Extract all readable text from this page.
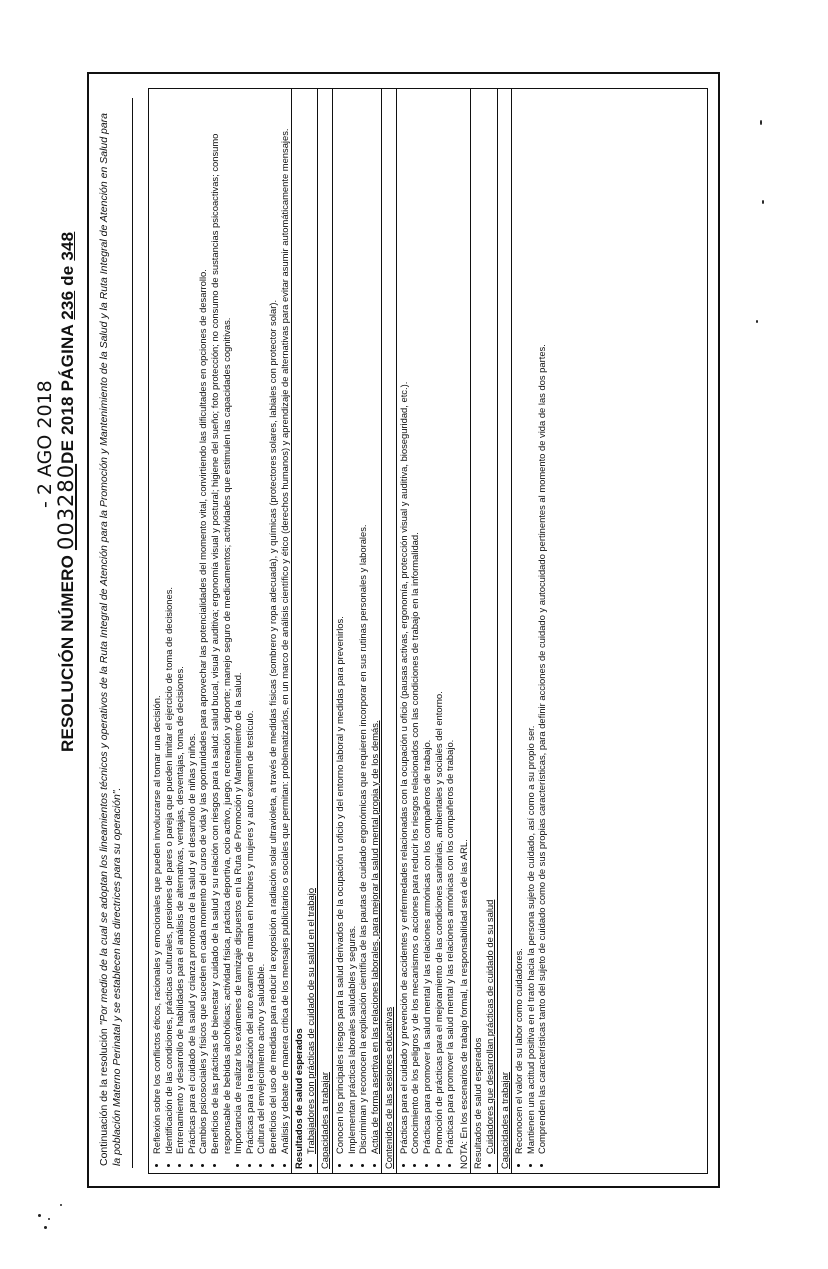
RESOLUCIÓN NÚMERO 003280DE 2018 PÁGINA 236 de 348
- 2 AGO 2018
Continuación de la resolución "Por medio de la cual se adoptan los lineamientos técnicos y operativos de la Ruta Integral de Atención para la Promoción y Mantenimiento de la Salud y la Ruta Integral de Atención en Salud para la población Materno Perinatal y se establecen las directrices para su operación".	• Reflexión sobre los conflictos éticos, racionales y emocionales que pueden involucrarse al tomar una decisión. • Identificación de las condiciones, prácticas culturales, presiones de pares o pareja que pueden limitar el ejercicio de toma de decisiones. • Entrenamiento y desarrollo de habilidades para el análisis de alternativas, ventajas, desventajas, toma de decisiones. • Prácticas para el cuidado de la salud y crianza promotora de la salud y el desarrollo de niñas y niños. • Cambios psicosociales y físicos que suceden en cada momento del curso de vida y las oportunidades para aprovechar las potencialidades del momento vital, convirtiendo las dificultades en opciones de desarrollo. • Beneficios de las prácticas de bienestar y cuidado de la salud y su relación con riesgos para la salud: salud bucal, visual y auditiva; ergonomía visual y postural; higiene del sueño; foto protección; no consumo de sustancias psicoactivas; consumo responsable de bebidas alcohólicas; actividad física, práctica deportiva, ocio activo, juego, recreación y deporte; manejo seguro de medicamentos; actividades que estimulen las capacidades cognitivas. • Importancia de realizar los exámenes de tamizaje dispuestos en la Ruta de Promoción y Mantenimiento de la salud. • Prácticas para la realización del auto examen de mama en hombres y mujeres y auto examen de testículo. • Cultura del envejecimiento activo y saludable. • Beneficios del uso de medidas para reducir la exposición a radiación solar ultravioleta, a través de medidas físicas (sombrero y ropa adecuada), y químicas (protectores solares, labiales con protector solar). • Análisis y debate de manera crítica de los mensajes publicitarios o sociales que permitan: problematizarlos, en un marco de análisis científico y ético (derechos humanos) y aprendizaje de alternativas para evitar asumir automáticamente mensajes. Resultados de salud esperados • Trabajadores con prácticas de cuidado de su salud en el trabajo Capacidades a trabajar • Conocen los principales riesgos para la salud derivados de la ocupación u oficio y del entorno laboral y medidas para prevenirlos. • Implementan prácticas laborales saludables y seguras. • Discriminan y reconocen la explicación científica de las pautas de cuidado ergonómicas que requieren incorporar en sus rutinas personales y laborales. • Actúa de forma asertiva en las relaciones laborales, para mejorar la salud mental propia y de los demás. Contenidos de las sesiones educativas • Prácticas para el cuidado y prevención de accidentes y enfermedades relacionadas con la ocupación u oficio (pausas activas, ergonomía, protección visual y auditiva, bioseguridad, etc.). • Conocimiento de los peligros y de los mecanismos o acciones para reducir los riesgos relacionados con las condiciones de trabajo en la informalidad. • Prácticas para promover la salud mental y las relaciones armónicas con los compañeros de trabajo. • Promoción de prácticas para el mejoramiento de las condiciones sanitarias, ambientales y sociales del entorno. • Prácticas para promover la salud mental y las relaciones armónicas con los compañeros de trabajo. NOTA: En los escenarios de trabajo formal, la responsabilidad será de las ARL. Resultados de salud esperados • Cuidadores que desarrollan prácticas de cuidado de su salud Capacidades a trabajar • Reconocen el valor de su labor como cuidadores. • Mantienen una actitud positiva en el trato hacia la persona sujeto de cuidado, así como a su propio ser. • Comprenden las características tanto del sujeto de cuidado como de sus propias características, para definir acciones de cuidado y autocuidado pertinentes al momento de vida de las dos partes.
